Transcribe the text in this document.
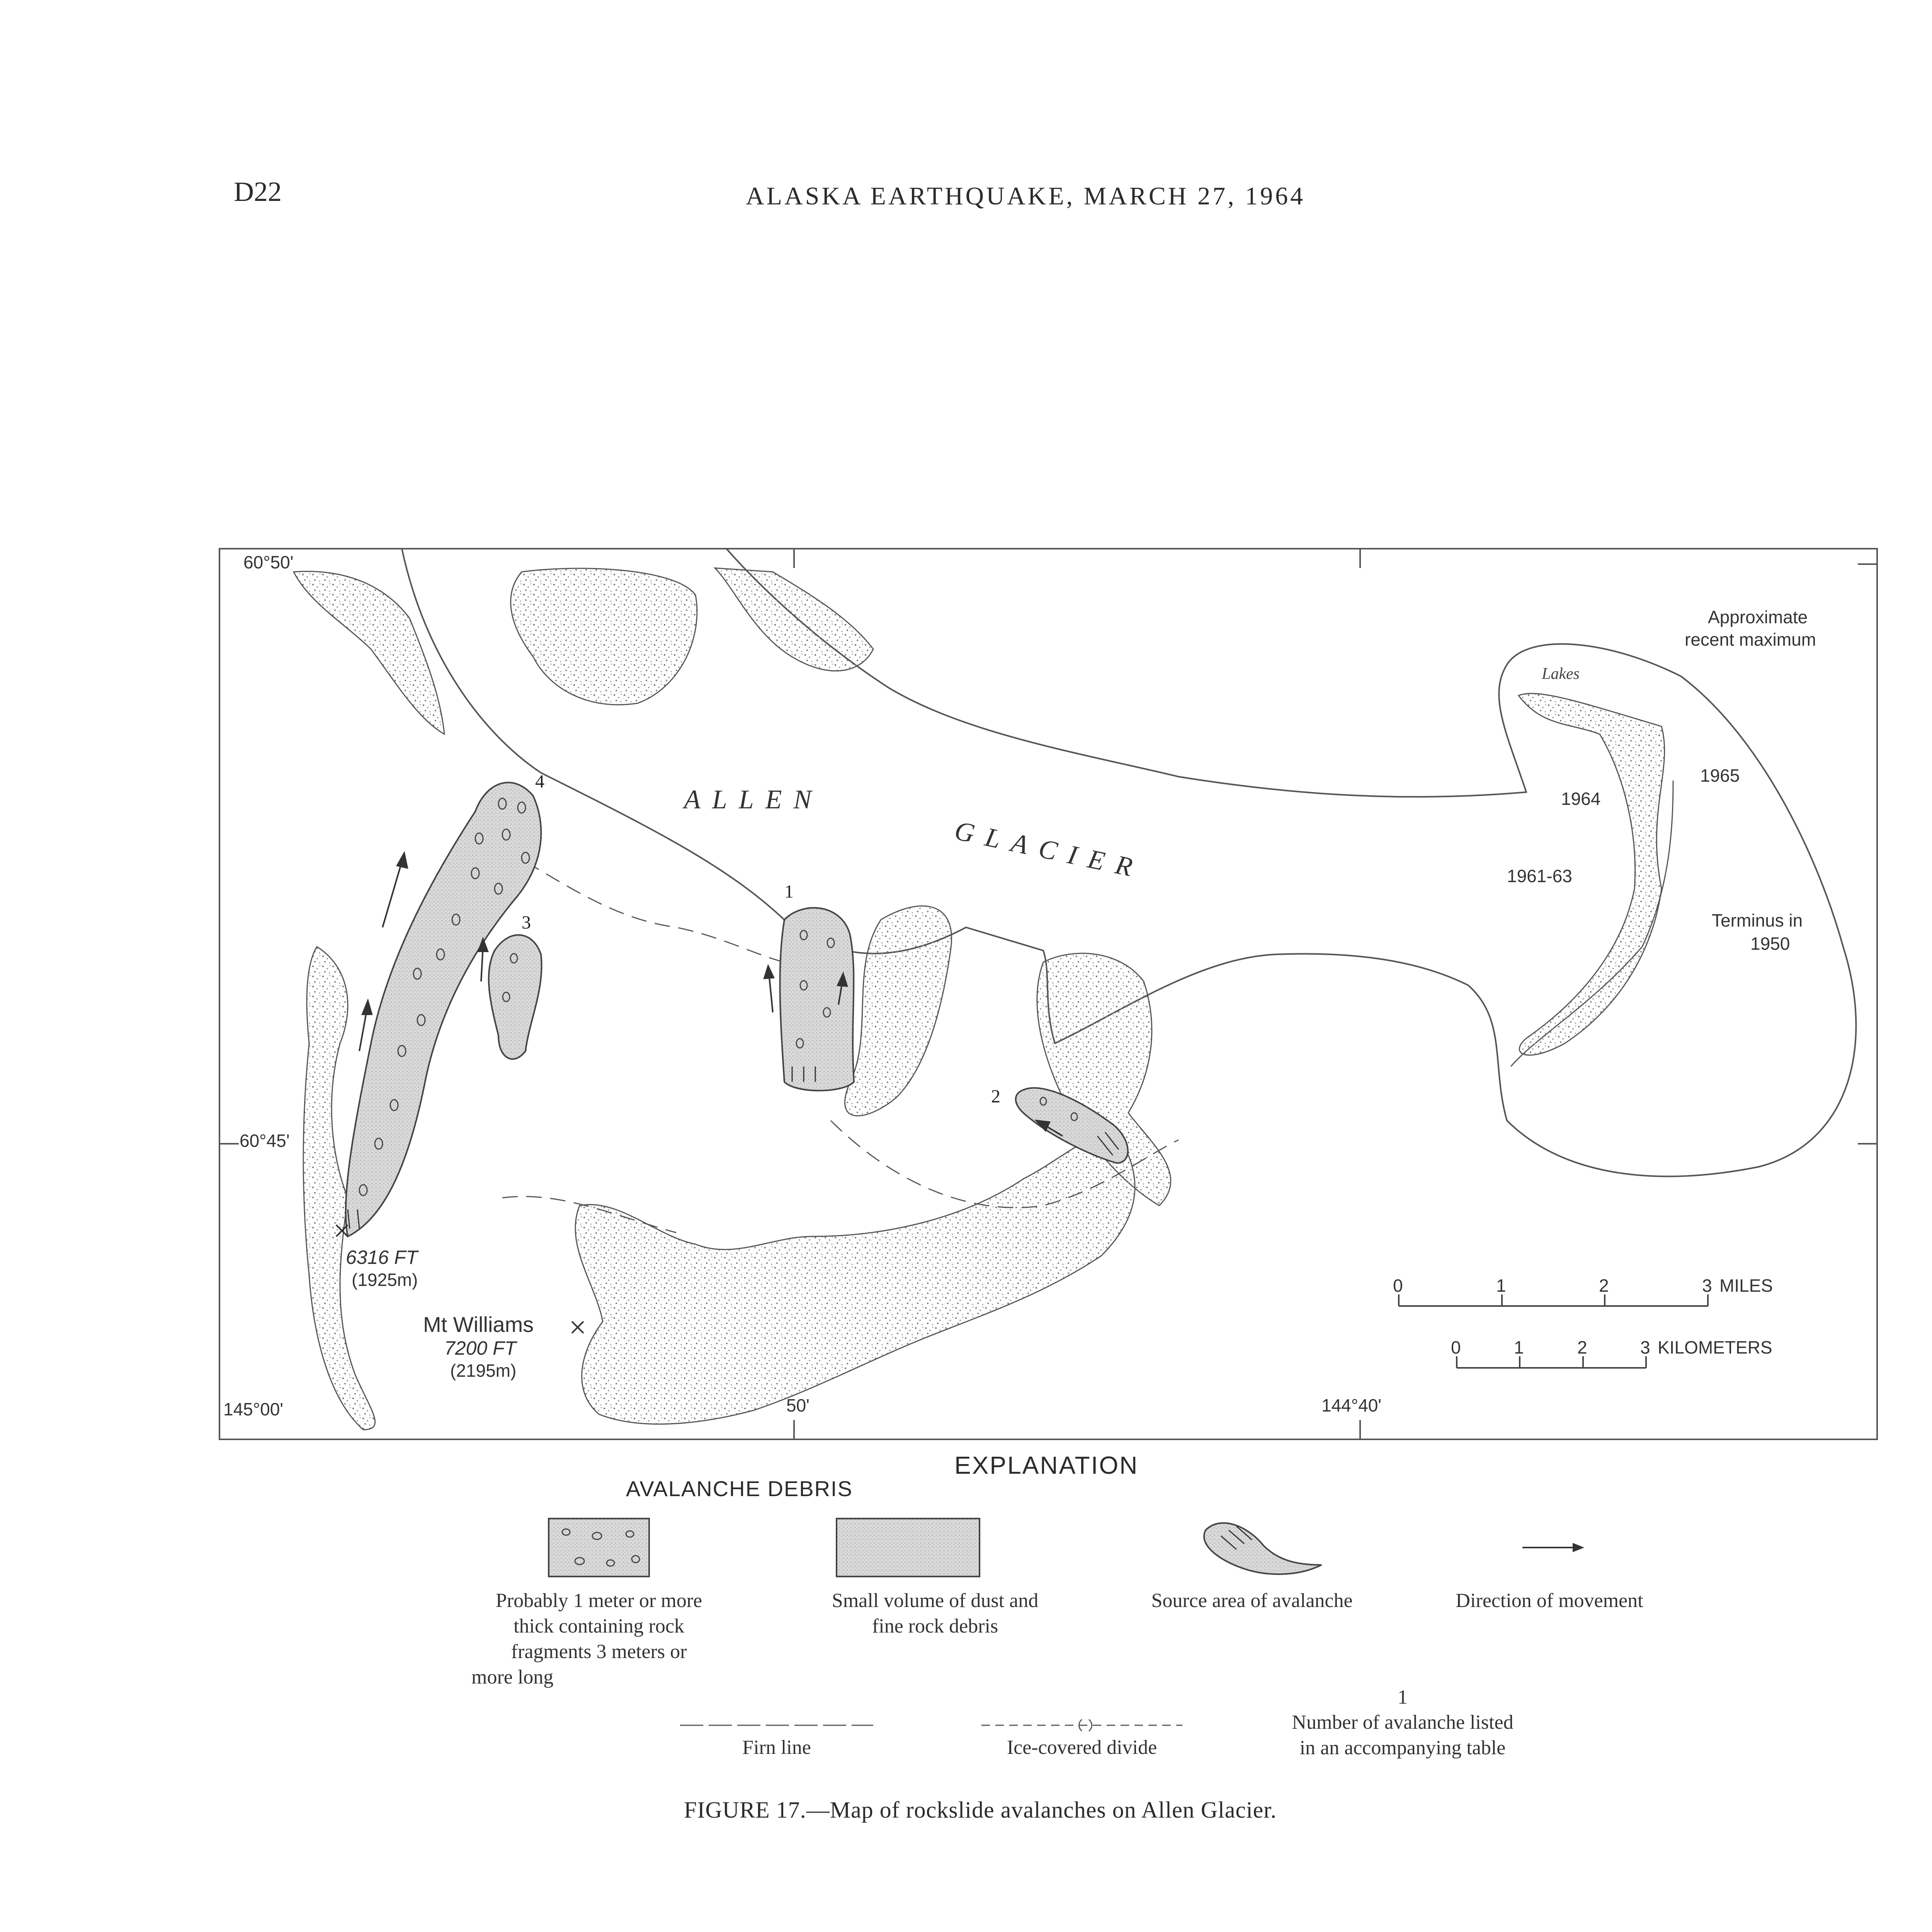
D22	ALASKA EARTHQUAKE, MARCH 27, 1964
60°50'
60°45'
145°00'	50'	144°40'
ALLEN
GLACIER
1
2
3
4
6316 FT
(1925m)
Mt Williams
7200 FT
(2195m)
Approximate
recent maximum
Lakes
1965
1964
1961-63
Terminus in
1950
0	1	2	3 MILES
0	1	2	3 KILOMETERS
EXPLANATION
AVALANCHE DEBRIS
Probably 1 meter or more
thick containing rock
fragments 3 meters or
more long
Small volume of dust and
fine rock debris
Source area of avalanche	Direction of movement
Firn line	Ice-covered divide
1
Number of avalanche listed
in an accompanying table
FIGURE 17.—Map of rockslide avalanches on Allen Glacier.
